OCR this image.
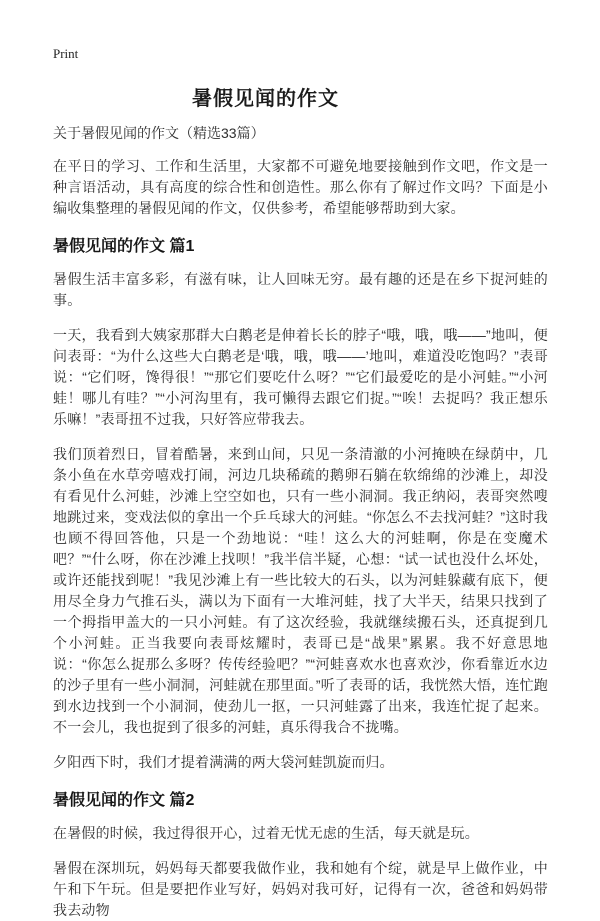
Print
暑假见闻的作文

关于暑假见闻的作文（精选33篇）

在平日的学习、工作和生活里，大家都不可避免地要接触到作文吧，作文是一种言语活动，具有高度的综合性和创造性。那么你有了解过作文吗？下面是小编收集整理的暑假见闻的作文，仅供参考，希望能够帮助到大家。

暑假见闻的作文 篇1

暑假生活丰富多彩，有滋有味，让人回味无穷。最有趣的还是在乡下捉河蛙的事。

一天，我看到大姨家那群大白鹅老是伸着长长的脖子“哦，哦，哦——”地叫，便问表哥：“为什么这些大白鹅老是‘哦，哦，哦——’地叫，难道没吃饱吗？”表哥说：“它们呀，馋得很！”“那它们要吃什么呀？”“它们最爱吃的是小河蛙。”“小河蛙！哪儿有哇？”“小河沟里有，我可懒得去跟它们捉。”“唉！去捉吗？我正想乐乐嘛！”表哥扭不过我，只好答应带我去。

我们顶着烈日，冒着酷暑，来到山间，只见一条清澈的小河掩映在绿荫中，几条小鱼在水草旁嘻戏打闹，河边几块稀疏的鹅卵石躺在软绵绵的沙滩上，却没有看见什么河蛙，沙滩上空空如也，只有一些小洞洞。我正纳闷，表哥突然嗖地跳过来，变戏法似的拿出一个乒乓球大的河蛙。“你怎么不去找河蛙？”这时我也顾不得回答他，只是一个劲地说：“哇！这么大的河蛙啊，你是在变魔术吧？”“什么呀，你在沙滩上找呗！”我半信半疑，心想：“试一试也没什么坏处，或许还能找到呢！”我见沙滩上有一些比较大的石头，以为河蛙躲藏有底下，便用尽全身力气推石头，满以为下面有一大堆河蛙，找了大半天，结果只找到了一个拇指甲盖大的一只小河蛙。有了这次经验，我就继续搬石头，还真捉到几个小河蛙。正当我要向表哥炫耀时，表哥已是“战果”累累。我不好意思地说：“你怎么捉那么多呀？传传经验吧？”“河蛙喜欢水也喜欢沙，你看靠近水边的沙子里有一些小洞洞，河蛙就在那里面。”听了表哥的话，我恍然大悟，连忙跑到水边找到一个小洞洞，使劲儿一抠，一只河蛙露了出来，我连忙捉了起来。不一会儿，我也捉到了很多的河蛙，真乐得我合不拢嘴。

夕阳西下时，我们才提着满满的两大袋河蛙凯旋而归。

暑假见闻的作文 篇2

在暑假的时候，我过得很开心，过着无忧无虑的生活，每天就是玩。

暑假在深圳玩，妈妈每天都要我做作业，我和她有个绽，就是早上做作业，中午和下午玩。但是要把作业写好，妈妈对我可好，记得有一次，爸爸和妈妈带我去动物
